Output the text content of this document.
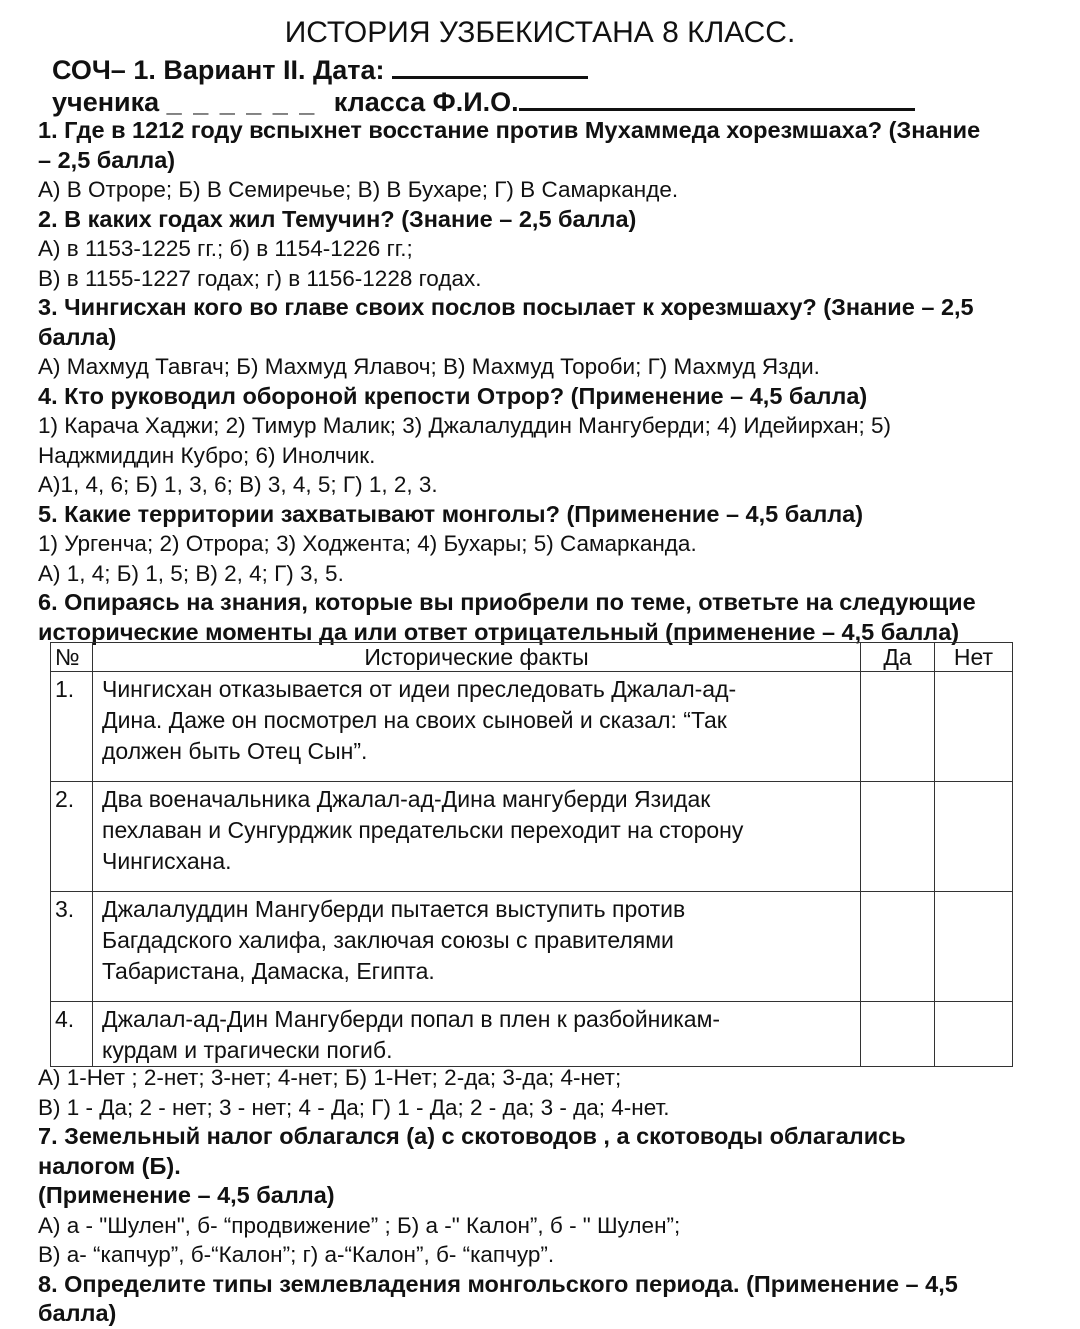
ИСТОРИЯ УЗБЕКИСТАНА 8 КЛАСС.
СОЧ– 1. Вариант II. Дата:
ученика _ _ _ _ _ _ класса Ф.И.О.
1. Где в 1212 году вспыхнет восстание против Мухаммеда хорезмшаха? (Знание
– 2,5 балла)
А) В Отроре; Б) В Семиречье; В) В Бухаре; Г) В Самарканде.
2. В каких годах жил Темучин? (Знание – 2,5 балла)
А) в 1153-1225 гг.; б) в 1154-1226 гг.;
В) в 1155-1227 годах; г) в 1156-1228 годах.
3. Чингисхан кого во главе своих послов посылает к хорезмшаху? (Знание – 2,5
балла)
А) Махмуд Тавгач; Б) Махмуд Ялавоч; В) Махмуд Тороби; Г) Махмуд Язди.
4. Кто руководил обороной крепости Отрор? (Применение – 4,5 балла)
1) Карача Хаджи; 2) Тимур Малик; 3) Джалалуддин Мангуберди; 4) Идейирхан; 5)
Наджмиддин Кубро; 6) Инолчик.
А)1, 4, 6; Б) 1, 3, 6; В) 3, 4, 5; Г) 1, 2, 3.
5. Какие территории захватывают монголы? (Применение – 4,5 балла)
1) Ургенча; 2) Отрора; 3) Ходжента; 4) Бухары; 5) Самарканда.
А) 1, 4; Б) 1, 5; В) 2, 4; Г) 3, 5.
6. Опираясь на знания, которые вы приобрели по теме, ответьте на следующие
исторические моменты да или ответ отрицательный (применение – 4,5 балла)
№	Исторические факты	Да	Нет
1.	Чингисхан отказывается от идеи преследовать Джалал-ад-
Дина. Даже он посмотрел на своих сыновей и сказал: “Так
должен быть Отец Сын”.		

2.	Два военачальника Джалал-ад-Дина мангуберди Язидак
пехлаван и Сунгурджик предательски переходит на сторону
Чингисхана.		

3.	Джалалуддин Мангуберди пытается выступить против
Багдадского халифа, заключая союзы с правителями
Табаристана, Дамаска, Египта.		

4.	Джалал-ад-Дин Мангуберди попал в плен к разбойникам-
курдам и трагически погиб.		

А) 1-Нет ; 2-нет; 3-нет; 4-нет; Б) 1-Нет; 2-да; 3-да; 4-нет;
В) 1 - Да; 2 - нет; 3 - нет; 4 - Да; Г) 1 - Да; 2 - да; 3 - да; 4-нет.
7. Земельный налог облагался (а) с скотоводов , а скотоводы облагались
налогом (Б).
(Применение – 4,5 балла)
А) а - "Шулен", б- “продвижение” ; Б) а -" Калон”, б - " Шулен”;
В) а- “капчур”, б-“Калон”; г) а-“Калон”, б- “капчур”.
8. Определите типы землевладения монгольского периода. (Применение – 4,5
балла)
